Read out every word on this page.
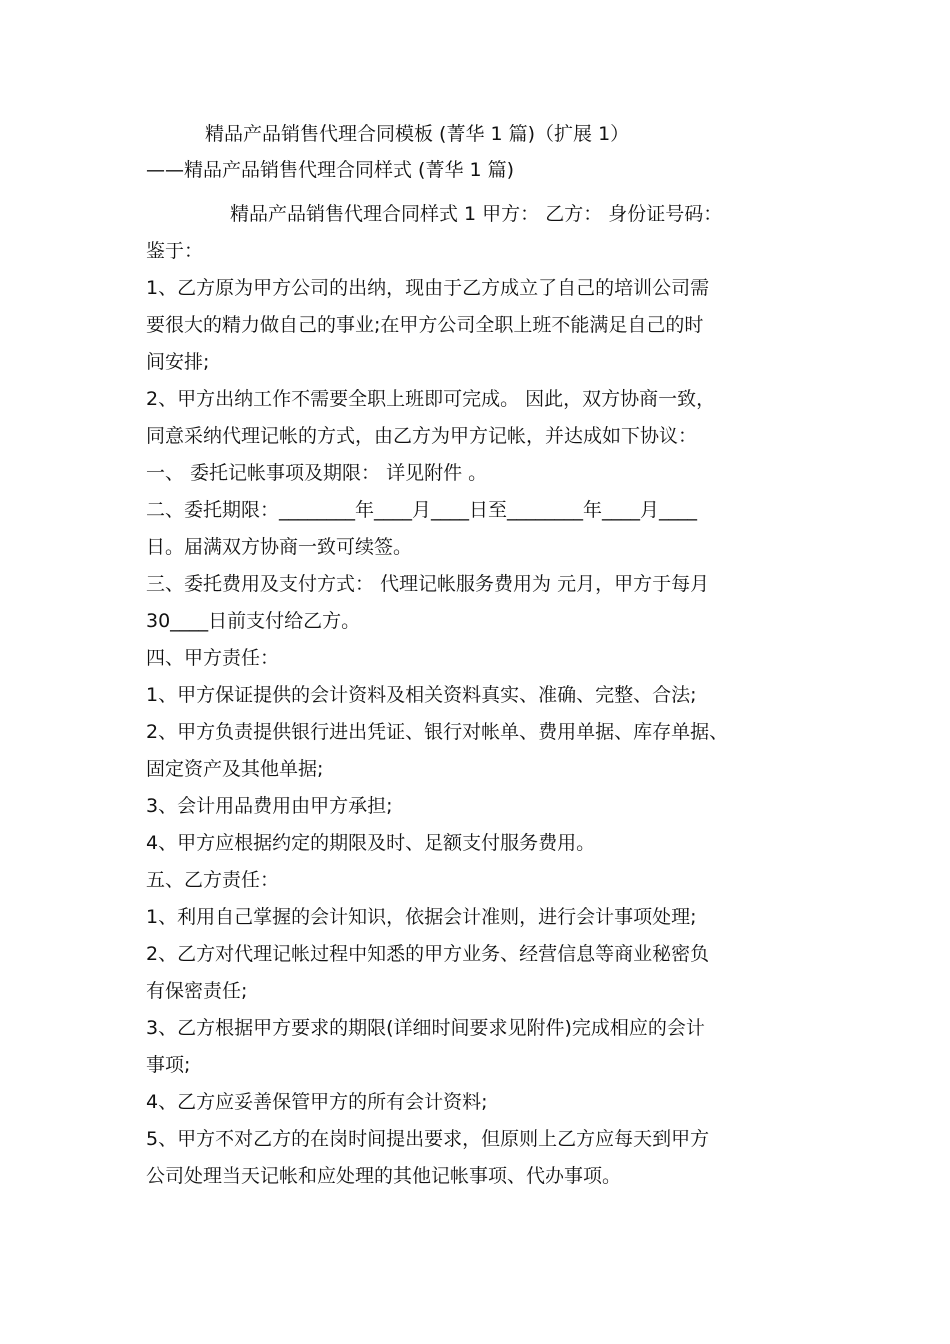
精品产品销售代理合同模板 (菁华 1 篇)（扩展 1）
——精品产品销售代理合同样式 (菁华 1 篇)
精品产品销售代理合同样式 1 甲方： 乙方： 身份证号码：
鉴于：
1、乙方原为甲方公司的出纳，现由于乙方成立了自己的培训公司需
要很大的精力做自己的事业;在甲方公司全职上班不能满足自己的时
间安排;
2、甲方出纳工作不需要全职上班即可完成。 因此，双方协商一致，
同意采纳代理记帐的方式，由乙方为甲方记帐，并达成如下协议：
一、 委托记帐事项及期限： 详见附件 。
二、委托期限：________年____月____日至________年____月____
日。届满双方协商一致可续签。
三、委托费用及支付方式： 代理记帐服务费用为 元月，甲方于每月
30____日前支付给乙方。
四、甲方责任：
1、甲方保证提供的会计资料及相关资料真实、准确、完整、合法;
2、甲方负责提供银行进出凭证、银行对帐单、费用单据、库存单据、
固定资产及其他单据;
3、会计用品费用由甲方承担;
4、甲方应根据约定的期限及时、足额支付服务费用。
五、乙方责任：
1、利用自己掌握的会计知识，依据会计准则，进行会计事项处理;
2、乙方对代理记帐过程中知悉的甲方业务、经营信息等商业秘密负
有保密责任;
3、乙方根据甲方要求的期限(详细时间要求见附件)完成相应的会计
事项;
4、乙方应妥善保管甲方的所有会计资料;
5、甲方不对乙方的在岗时间提出要求，但原则上乙方应每天到甲方
公司处理当天记帐和应处理的其他记帐事项、代办事项。
